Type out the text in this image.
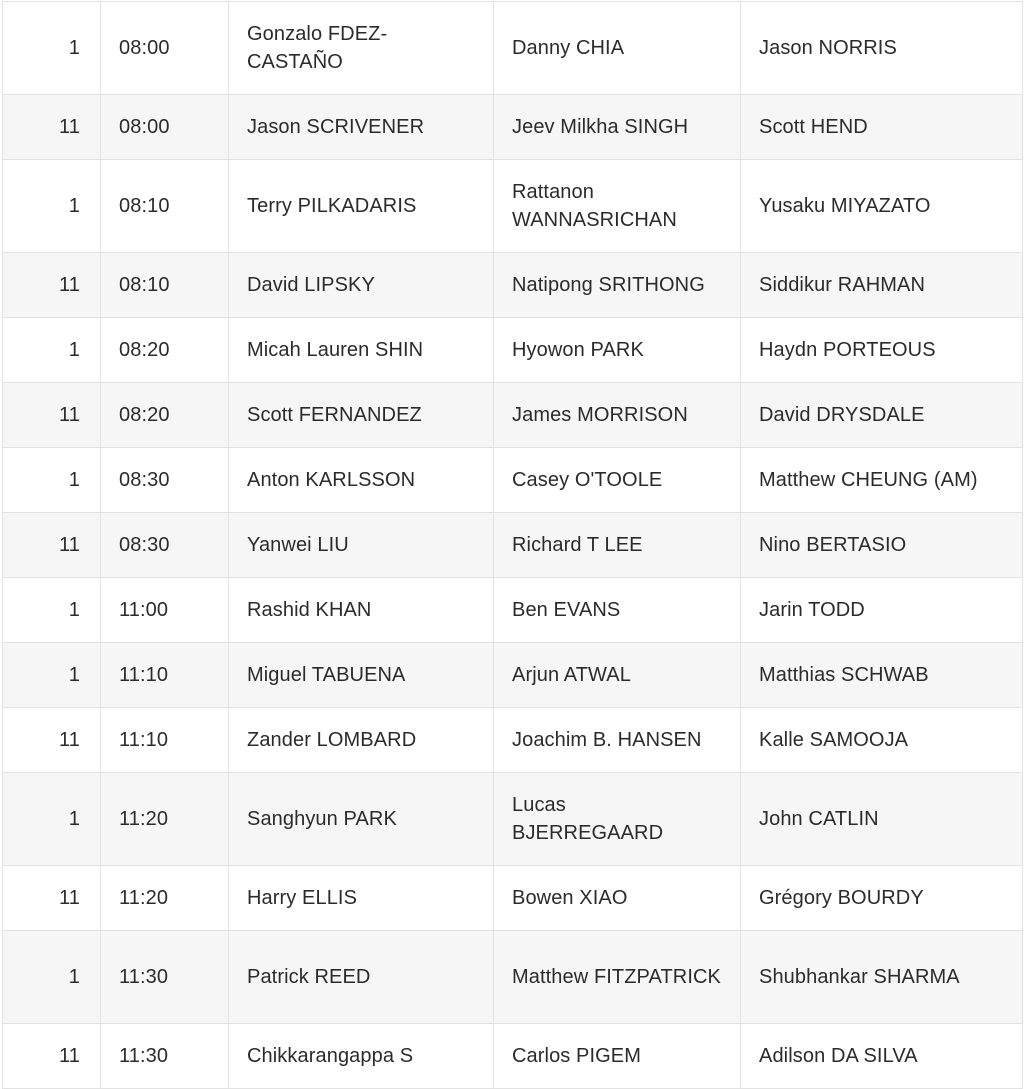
1	08:00	Gonzalo FDEZ-CASTAÑO	Danny CHIA	Jason NORRIS
11	08:00	Jason SCRIVENER	Jeev Milkha SINGH	Scott HEND
1	08:10	Terry PILKADARIS	Rattanon WANNASRICHAN	Yusaku MIYAZATO
11	08:10	David LIPSKY	Natipong SRITHONG	Siddikur RAHMAN
1	08:20	Micah Lauren SHIN	Hyowon PARK	Haydn PORTEOUS
11	08:20	Scott FERNANDEZ	James MORRISON	David DRYSDALE
1	08:30	Anton KARLSSON	Casey O'TOOLE	Matthew CHEUNG (AM)
11	08:30	Yanwei LIU	Richard T LEE	Nino BERTASIO
1	11:00	Rashid KHAN	Ben EVANS	Jarin TODD
1	11:10	Miguel TABUENA	Arjun ATWAL	Matthias SCHWAB
11	11:10	Zander LOMBARD	Joachim B. HANSEN	Kalle SAMOOJA
1	11:20	Sanghyun PARK	Lucas BJERREGAARD	John CATLIN
11	11:20	Harry ELLIS	Bowen XIAO	Grégory BOURDY
1	11:30	Patrick REED	Matthew FITZPATRICK	Shubhankar SHARMA
11	11:30	Chikkarangappa S	Carlos PIGEM	Adilson DA SILVA
